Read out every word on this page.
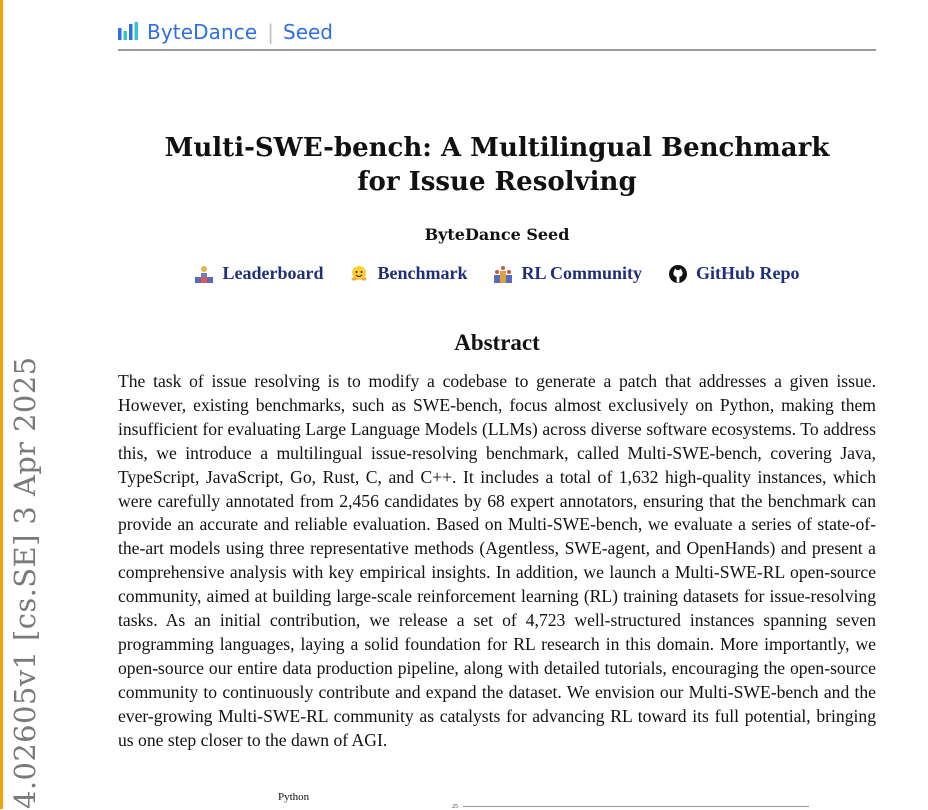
ByteDance | Seed
Multi-SWE-bench: A Multilingual Benchmark
for Issue Resolving
ByteDance Seed
Leaderboard	Benchmark	RL Community	GitHub Repo
Abstract
The task of issue resolving is to modify a codebase to generate a patch that addresses a given issue. However, existing benchmarks, such as SWE-bench, focus almost exclusively on Python, making them insufficient for evaluating Large Language Models (LLMs) across diverse software ecosystems. To address this, we introduce a multilingual issue-resolving benchmark, called Multi-SWE-bench, covering Java, TypeScript, JavaScript, Go, Rust, C, and C++. It includes a total of 1,632 high-quality instances, which were carefully annotated from 2,456 candidates by 68 expert annotators, ensuring that the benchmark can provide an accurate and reliable evaluation. Based on Multi-SWE-bench, we evaluate a series of state-of-the-art models using three representative methods (Agentless, SWE-agent, and OpenHands) and present a comprehensive analysis with key empirical insights. In addition, we launch a Multi-SWE-RL open-source community, aimed at building large-scale reinforcement learning (RL) training datasets for issue-resolving tasks. As an initial contribution, we release a set of 4,723 well-structured instances spanning seven programming languages, laying a solid foundation for RL research in this domain. More importantly, we open-source our entire data production pipeline, along with detailed tutorials, encouraging the open-source community to continuously contribute and expand the dataset. We envision our Multi-SWE-bench and the ever-growing Multi-SWE-RL community as catalysts for advancing RL toward its full potential, bringing us one step closer to the dawn of AGI.
4.02605v1 [cs.SE] 3 Apr 2025	Python
25
